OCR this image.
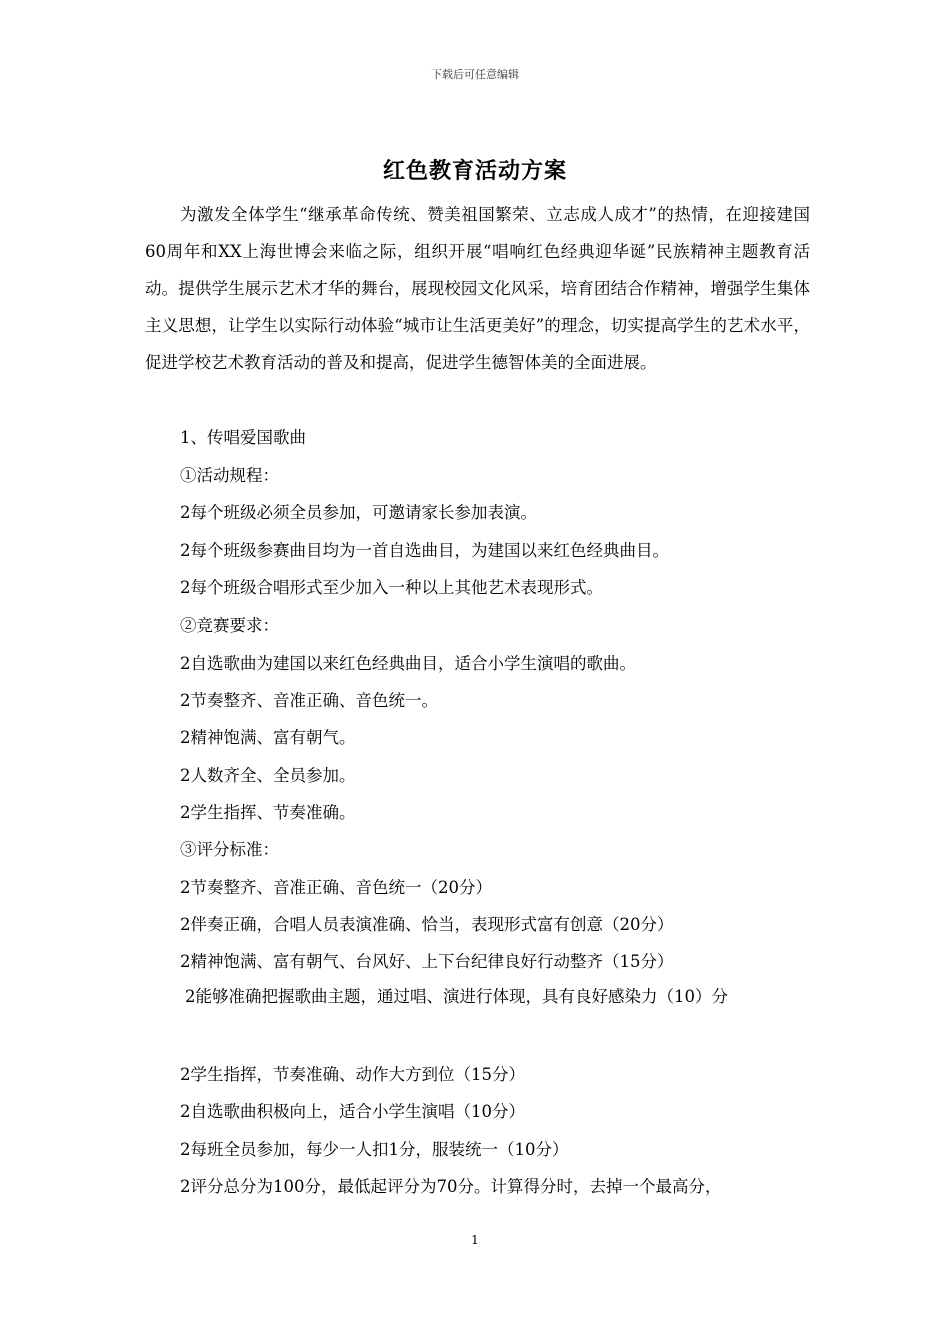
下载后可任意编辑
红色教育活动方案

为激发全体学生“继承革命传统、赞美祖国繁荣、立志成人成才”的热情，在迎接建国60周年和XX上海世博会来临之际，组织开展“唱响红色经典迎华诞”民族精神主题教育活动。提供学生展示艺术才华的舞台，展现校园文化风采，培育团结合作精神，增强学生集体主义思想，让学生以实际行动体验“城市让生活更美好”的理念，切实提高学生的艺术水平，促进学校艺术教育活动的普及和提高，促进学生德智体美的全面进展。

1、传唱爱国歌曲
①活动规程：
2每个班级必须全员参加，可邀请家长参加表演。
2每个班级参赛曲目均为一首自选曲目，为建国以来红色经典曲目。
2每个班级合唱形式至少加入一种以上其他艺术表现形式。
②竞赛要求：
2自选歌曲为建国以来红色经典曲目，适合小学生演唱的歌曲。
2节奏整齐、音准正确、音色统一。
2精神饱满、富有朝气。
2人数齐全、全员参加。
2学生指挥、节奏准确。
③评分标准：
2节奏整齐、音准正确、音色统一（20分）
2伴奏正确，合唱人员表演准确、恰当，表现形式富有创意（20分）
2精神饱满、富有朝气、台风好、上下台纪律良好行动整齐（15分）

2能够准确把握歌曲主题，通过唱、演进行体现，具有良好感染力（10）分

2学生指挥，节奏准确、动作大方到位（15分）
2自选歌曲积极向上，适合小学生演唱（10分）
2每班全员参加，每少一人扣1分，服装统一（10分）
2评分总分为100分，最低起评分为70分。计算得分时，去掉一个最高分，
1
